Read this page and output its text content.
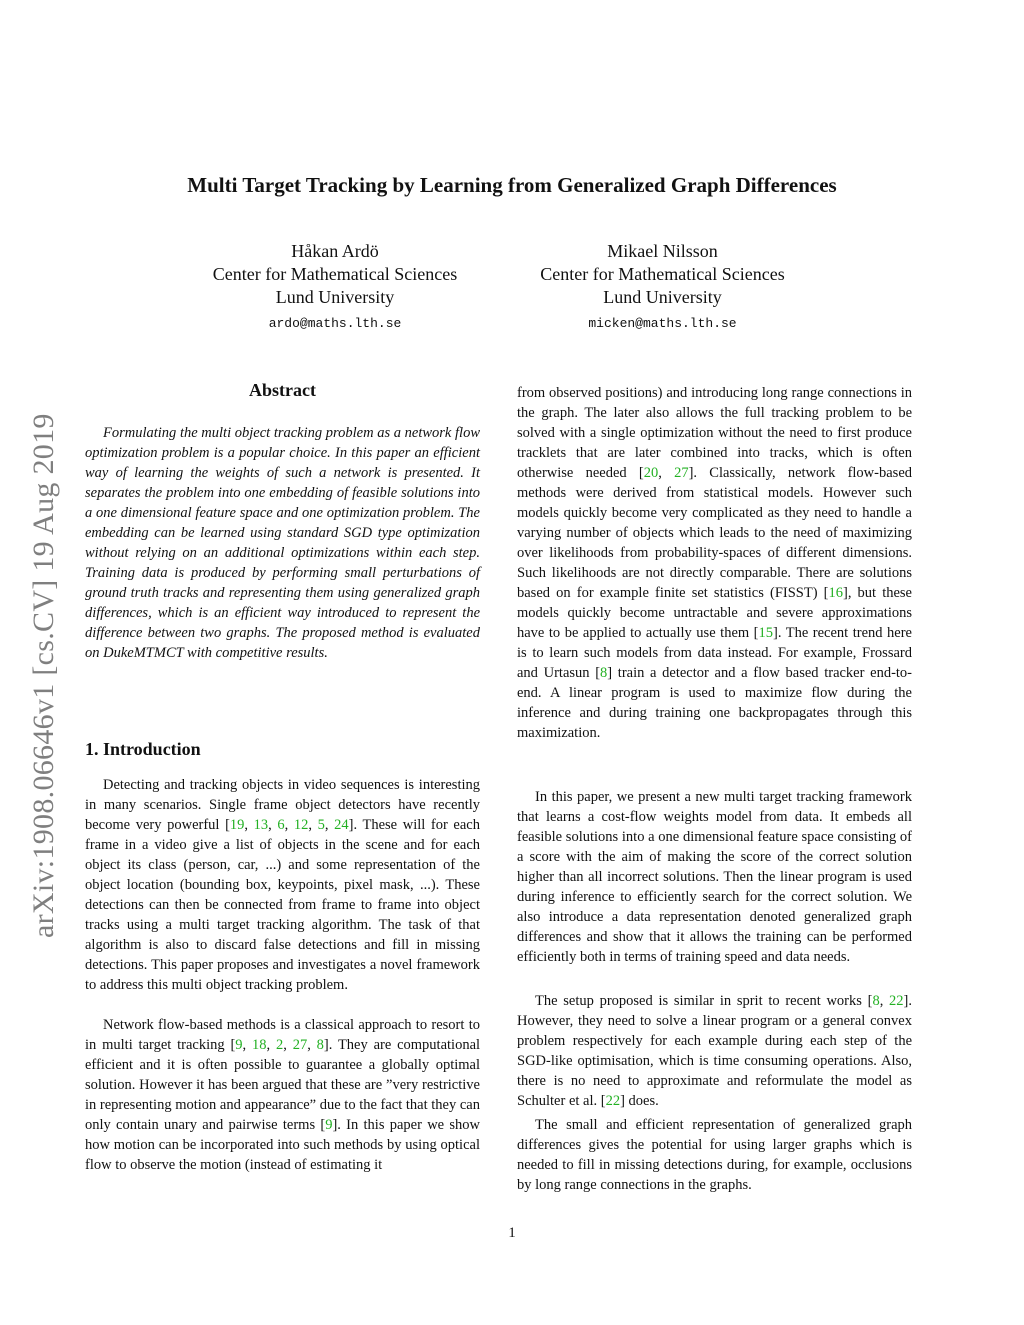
arXiv:1908.06646v1 [cs.CV] 19 Aug 2019
Multi Target Tracking by Learning from Generalized Graph Differences
Håkan Ardö
Center for Mathematical Sciences
Lund University
ardo@maths.lth.se
Mikael Nilsson
Center for Mathematical Sciences
Lund University
micken@maths.lth.se
Abstract

Formulating the multi object tracking problem as a network flow optimization problem is a popular choice. In this paper an efficient way of learning the weights of such a network is presented. It separates the problem into one embedding of feasible solutions into a one dimensional feature space and one optimization problem. The embedding can be learned using standard SGD type optimization without relying on an additional optimizations within each step. Training data is produced by performing small perturbations of ground truth tracks and representing them using generalized graph differences, which is an efficient way introduced to represent the difference between two graphs. The proposed method is evaluated on DukeMTMCT with competitive results.

1. Introduction

Detecting and tracking objects in video sequences is interesting in many scenarios. Single frame object detectors have recently become very powerful [19, 13, 6, 12, 5, 24]. These will for each frame in a video give a list of objects in the scene and for each object its class (person, car, ...) and some representation of the object location (bounding box, keypoints, pixel mask, ...). These detections can then be connected from frame to frame into object tracks using a multi target tracking algorithm. The task of that algorithm is also to discard false detections and fill in missing detections. This paper proposes and investigates a novel framework to address this multi object tracking problem.

Network flow-based methods is a classical approach to resort to in multi target tracking [9, 18, 2, 27, 8]. They are computational efficient and it is often possible to guarantee a globally optimal solution. However it has been argued that these are ”very restrictive in representing motion and appearance” due to the fact that they can only contain unary and pairwise terms [9]. In this paper we show how motion can be incorporated into such methods by using optical flow to observe the motion (instead of estimating it

from observed positions) and introducing long range connections in the graph. The later also allows the full tracking problem to be solved with a single optimization without the need to first produce tracklets that are later combined into tracks, which is often otherwise needed [20, 27]. Classically, network flow-based methods were derived from statistical models. However such models quickly become very complicated as they need to handle a varying number of objects which leads to the need of maximizing over likelihoods from probability-spaces of different dimensions. Such likelihoods are not directly comparable. There are solutions based on for example finite set statistics (FISST) [16], but these models quickly become untractable and severe approximations have to be applied to actually use them [15]. The recent trend here is to learn such models from data instead. For example, Frossard and Urtasun [8] train a detector and a flow based tracker end-to-end. A linear program is used to maximize flow during the inference and during training one backpropagates through this maximization.

In this paper, we present a new multi target tracking framework that learns a cost-flow weights model from data. It embeds all feasible solutions into a one dimensional feature space consisting of a score with the aim of making the score of the correct solution higher than all incorrect solutions. Then the linear program is used during inference to efficiently search for the correct solution. We also introduce a data representation denoted generalized graph differences and show that it allows the training can be performed efficiently both in terms of training speed and data needs.

The setup proposed is similar in sprit to recent works [8, 22]. However, they need to solve a linear program or a general convex problem respectively for each example during each step of the SGD-like optimisation, which is time consuming operations. Also, there is no need to approximate and reformulate the model as Schulter et al. [22] does.

The small and efficient representation of generalized graph differences gives the potential for using larger graphs which is needed to fill in missing detections during, for example, occlusions by long range connections in the graphs.

1
